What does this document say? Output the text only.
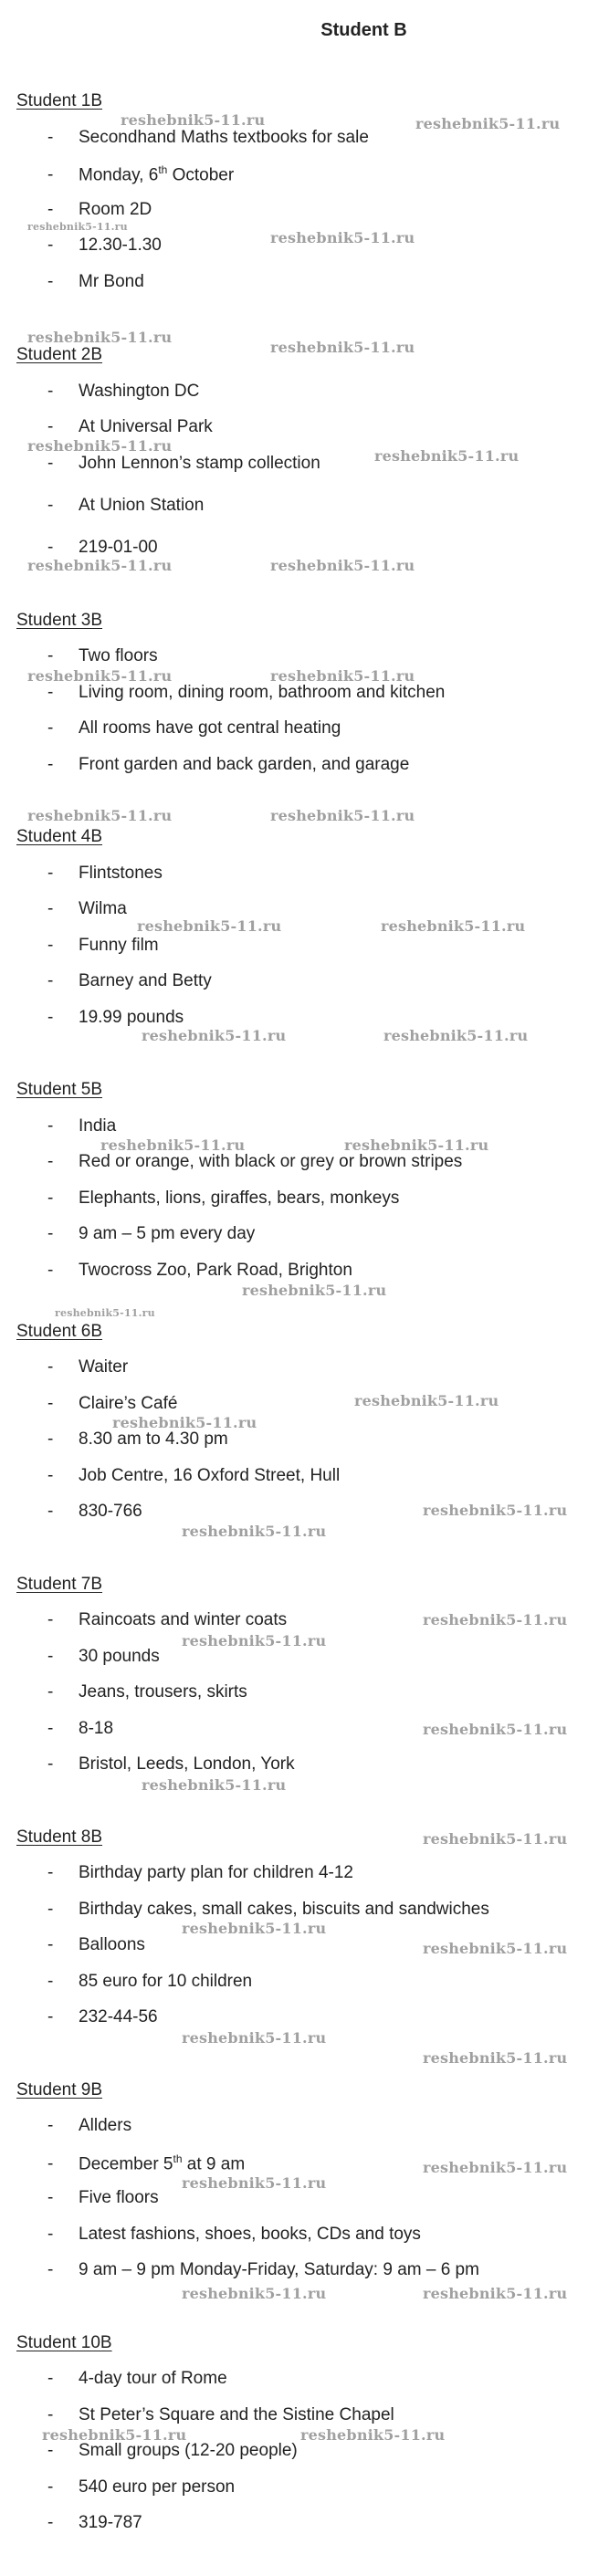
Student B
Student 1B
- Secondhand Maths textbooks for sale
- Monday, 6th October
- Room 2D
- 12.30-1.30
- Mr Bond
Student 2B
- Washington DC
- At Universal Park
- John Lennon’s stamp collection
- At Union Station
- 219-01-00
Student 3B
- Two floors
- Living room, dining room, bathroom and kitchen
- All rooms have got central heating
- Front garden and back garden, and garage
Student 4B
- Flintstones
- Wilma
- Funny film
- Barney and Betty
- 19.99 pounds
Student 5B
- India
- Red or orange, with black or grey or brown stripes
- Elephants, lions, giraffes, bears, monkeys
- 9 am – 5 pm every day
- Twocross Zoo, Park Road, Brighton
Student 6B
- Waiter
- Claire’s Café
- 8.30 am to 4.30 pm
- Job Centre, 16 Oxford Street, Hull
- 830-766
Student 7B
- Raincoats and winter coats
- 30 pounds
- Jeans, trousers, skirts
- 8-18
- Bristol, Leeds, London, York
Student 8B
- Birthday party plan for children 4-12
- Birthday cakes, small cakes, biscuits and sandwiches
- Balloons
- 85 euro for 10 children
- 232-44-56
Student 9B
- Allders
- December 5th at 9 am
- Five floors
- Latest fashions, shoes, books, CDs and toys
- 9 am – 9 pm Monday-Friday, Saturday: 9 am – 6 pm
Student 10B
- 4-day tour of Rome
- St Peter’s Square and the Sistine Chapel
- Small groups (12-20 people)
- 540 euro per person
- 319-787
reshebnik5-11.ru	reshebnik5-11.ru
reshebnik5-11.ru
reshebnik5-11.ru
reshebnik5-11.ru
reshebnik5-11.ru
reshebnik5-11.ru
reshebnik5-11.ru
reshebnik5-11.ru	reshebnik5-11.ru
reshebnik5-11.ru	reshebnik5-11.ru
reshebnik5-11.ru	reshebnik5-11.ru
reshebnik5-11.ru	reshebnik5-11.ru
reshebnik5-11.ru	reshebnik5-11.ru
reshebnik5-11.ru	reshebnik5-11.ru
reshebnik5-11.ru
reshebnik5-11.ru
reshebnik5-11.ru
reshebnik5-11.ru
reshebnik5-11.ru
reshebnik5-11.ru
reshebnik5-11.ru
reshebnik5-11.ru
reshebnik5-11.ru
reshebnik5-11.ru
reshebnik5-11.ru
reshebnik5-11.ru
reshebnik5-11.ru
reshebnik5-11.ru
reshebnik5-11.ru
reshebnik5-11.ru
reshebnik5-11.ru
reshebnik5-11.ru	reshebnik5-11.ru
reshebnik5-11.ru	reshebnik5-11.ru
